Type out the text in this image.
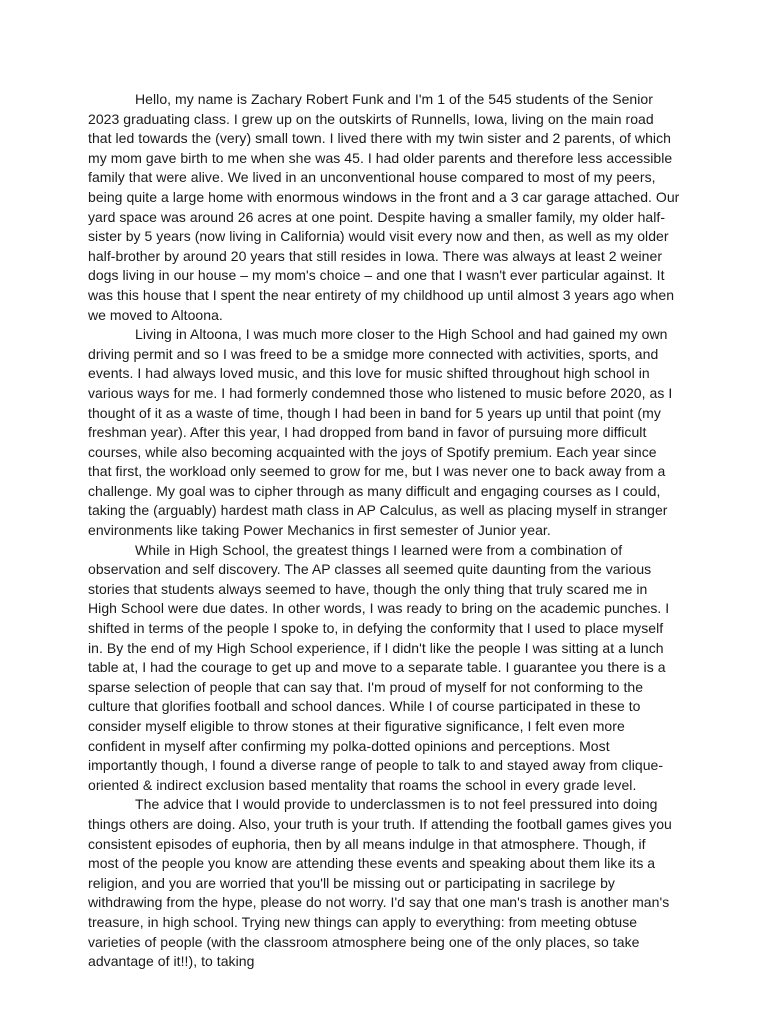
Hello, my name is Zachary Robert Funk and I'm 1 of the 545 students of the Senior 2023 graduating class. I grew up on the outskirts of Runnells, Iowa, living on the main road that led towards the (very) small town. I lived there with my twin sister and 2 parents, of which my mom gave birth to me when she was 45. I had older parents and therefore less accessible family that were alive. We lived in an unconventional house compared to most of my peers, being quite a large home with enormous windows in the front and a 3 car garage attached. Our yard space was around 26 acres at one point. Despite having a smaller family, my older half-sister by 5 years (now living in California) would visit every now and then, as well as my older half-brother by around 20 years that still resides in Iowa. There was always at least 2 weiner dogs living in our house – my mom's choice – and one that I wasn't ever particular against. It was this house that I spent the near entirety of my childhood up until almost 3 years ago when we moved to Altoona.

Living in Altoona, I was much more closer to the High School and had gained my own driving permit and so I was freed to be a smidge more connected with activities, sports, and events. I had always loved music, and this love for music shifted throughout high school in various ways for me. I had formerly condemned those who listened to music before 2020, as I thought of it as a waste of time, though I had been in band for 5 years up until that point (my freshman year). After this year, I had dropped from band in favor of pursuing more difficult courses, while also becoming acquainted with the joys of Spotify premium. Each year since that first, the workload only seemed to grow for me, but I was never one to back away from a challenge. My goal was to cipher through as many difficult and engaging courses as I could, taking the (arguably) hardest math class in AP Calculus, as well as placing myself in stranger environments like taking Power Mechanics in first semester of Junior year.

While in High School, the greatest things I learned were from a combination of observation and self discovery. The AP classes all seemed quite daunting from the various stories that students always seemed to have, though the only thing that truly scared me in High School were due dates. In other words, I was ready to bring on the academic punches. I shifted in terms of the people I spoke to, in defying the conformity that I used to place myself in. By the end of my High School experience, if I didn't like the people I was sitting at a lunch table at, I had the courage to get up and move to a separate table. I guarantee you there is a sparse selection of people that can say that. I'm proud of myself for not conforming to the culture that glorifies football and school dances. While I of course participated in these to consider myself eligible to throw stones at their figurative significance, I felt even more confident in myself after confirming my polka-dotted opinions and perceptions. Most importantly though, I found a diverse range of people to talk to and stayed away from clique-oriented & indirect exclusion based mentality that roams the school in every grade level.

The advice that I would provide to underclassmen is to not feel pressured into doing things others are doing. Also, your truth is your truth. If attending the football games gives you consistent episodes of euphoria, then by all means indulge in that atmosphere. Though, if most of the people you know are attending these events and speaking about them like its a religion, and you are worried that you'll be missing out or participating in sacrilege by withdrawing from the hype, please do not worry. I'd say that one man's trash is another man's treasure, in high school. Trying new things can apply to everything: from meeting obtuse varieties of people (with the classroom atmosphere being one of the only places, so take advantage of it!!), to taking
